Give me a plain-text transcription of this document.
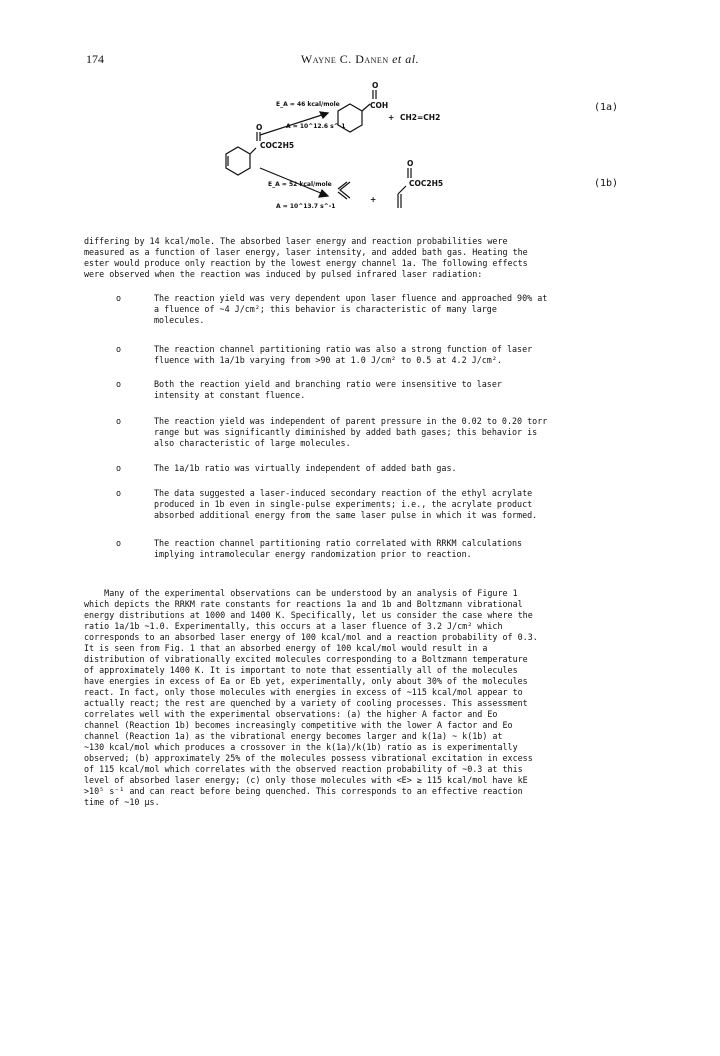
174	Wayne C. Danen et al.
E_A = 46 kcal/mole
A = 10^12.6 s^-1
E_A = 52 kcal/mole
A = 10^13.7 s^-1
O
COC2H5
O
COH
+ CH2=CH2
+
O
COC2H5
(1a)
(1b)

differing by 14 kcal/mole. The absorbed laser energy and reaction probabilities were

measured as a function of laser energy, laser intensity, and added bath gas. Heating the

ester would produce only reaction by the lowest energy channel 1a. The following effects

were observed when the reaction was induced by pulsed infrared laser radiation:

o	The reaction yield was very dependent upon laser fluence and approached 90% at

a fluence of ~4 J/cm²; this behavior is characteristic of many large

molecules.

o	The reaction channel partitioning ratio was also a strong function of laser

fluence with 1a/1b varying from >90 at 1.0 J/cm² to 0.5 at 4.2 J/cm².

o	Both the reaction yield and branching ratio were insensitive to laser

intensity at constant fluence.

o	The reaction yield was independent of parent pressure in the 0.02 to 0.20 torr

range but was significantly diminished by added bath gases; this behavior is

also characteristic of large molecules.

o	The 1a/1b ratio was virtually independent of added bath gas.

o	The data suggested a laser-induced secondary reaction of the ethyl acrylate

produced in 1b even in single-pulse experiments; i.e., the acrylate product

absorbed additional energy from the same laser pulse in which it was formed.

o	The reaction channel partitioning ratio correlated with RRKM calculations

implying intramolecular energy randomization prior to reaction.

Many of the experimental observations can be understood by an analysis of Figure 1

which depicts the RRKM rate constants for reactions 1a and 1b and Boltzmann vibrational

energy distributions at 1000 and 1400 K. Specifically, let us consider the case where the

ratio 1a/1b ~1.0. Experimentally, this occurs at a laser fluence of 3.2 J/cm² which

corresponds to an absorbed laser energy of 100 kcal/mol and a reaction probability of 0.3.

It is seen from Fig. 1 that an absorbed energy of 100 kcal/mol would result in a

distribution of vibrationally excited molecules corresponding to a Boltzmann temperature

of approximately 1400 K. It is important to note that essentially all of the molecules

have energies in excess of Ea or Eb yet, experimentally, only about 30% of the molecules

react. In fact, only those molecules with energies in excess of ~115 kcal/mol appear to

actually react; the rest are quenched by a variety of cooling processes. This assessment

correlates well with the experimental observations: (a) the higher A factor and Eo

channel (Reaction 1b) becomes increasingly competitive with the lower A factor and Eo

channel (Reaction 1a) as the vibrational energy becomes larger and k(1a) ~ k(1b) at

~130 kcal/mol which produces a crossover in the k(1a)/k(1b) ratio as is experimentally

observed; (b) approximately 25% of the molecules possess vibrational excitation in excess

of 115 kcal/mol which correlates with the observed reaction probability of ~0.3 at this

level of absorbed laser energy; (c) only those molecules with <E> ≥ 115 kcal/mol have kE

>10⁵ s⁻¹ and can react before being quenched. This corresponds to an effective reaction

time of ~10 μs.
